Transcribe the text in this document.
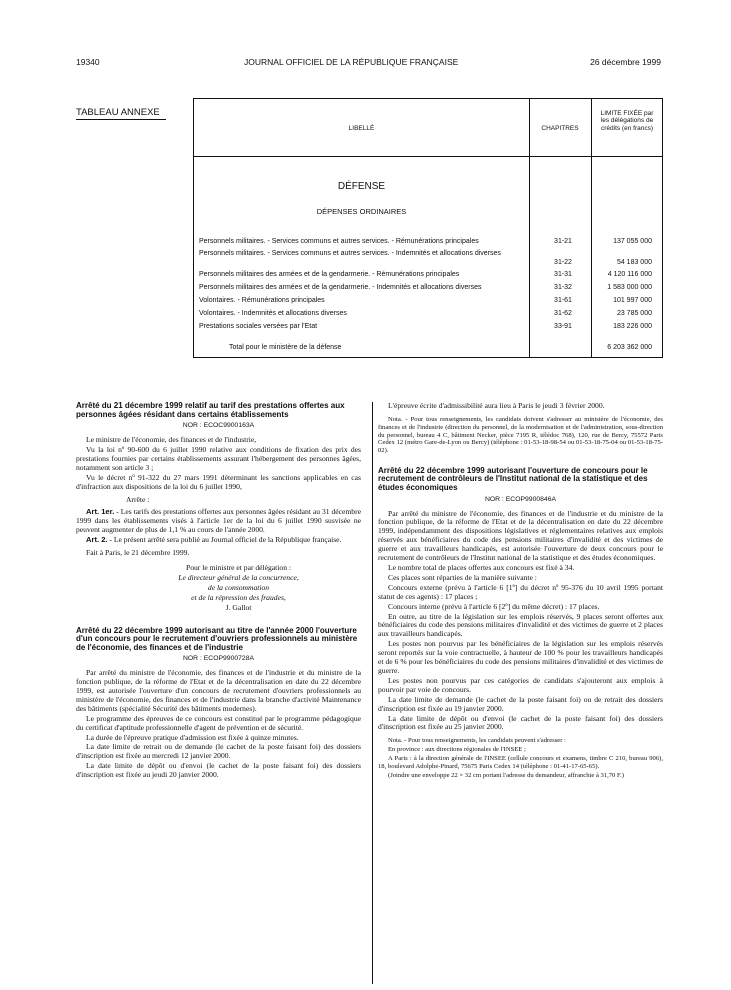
19340	JOURNAL OFFICIEL DE LA RÉPUBLIQUE FRANÇAISE	26 décembre 1999
TABLEAU ANNEXE
LIBELLÉ	CHAPITRES
LIMITE FIXÉE par les délégations de crédits (en francs)
DÉFENSE
DÉPENSES ORDINAIRES
Personnels militaires. - Services communs et autres services. - Rémunérations principales	31-21	137 055 000
Personnels militaires. - Services communs et autres services. - Indemnités et allocations diverses
31-22	54 183 000
Personnels militaires des armées et de la gendarmerie. - Rémunérations principales	31-31	4 120 116 000
Personnels militaires des armées et de la gendarmerie. - Indemnités et allocations diverses	31-32	1 583 000 000
Volontaires. - Rémunérations principales	31-61	101 997 000
Volontaires. - Indemnités et allocations diverses	31-62	23 785 000
Prestations sociales versées par l'Etat	33-91	183 226 000
Total pour le ministère de la défense	6 203 362 000
Arrêté du 21 décembre 1999 relatif au tarif des prestations offertes aux personnes âgées résidant dans certains établissements

NOR : ECOC9900163A

Le ministre de l'économie, des finances et de l'industrie,

Vu la loi nº 90-600 du 6 juillet 1990 relative aux conditions de fixation des prix des prestations fournies par certains établissements assurant l'hébergement des personnes âgées, notamment son article 3 ;

Vu le décret nº 91-322 du 27 mars 1991 déterminant les sanctions applicables en cas d'infraction aux dispositions de la loi du 6 juillet 1990,

Arrête :

Art. 1er. - Les tarifs des prestations offertes aux personnes âgées résidant au 31 décembre 1999 dans les établissements visés à l'article 1er de la loi du 6 juillet 1990 susvisée ne peuvent augmenter de plus de 1,1 % au cours de l'année 2000.

Art. 2. - Le présent arrêté sera publié au Journal officiel de la République française.

Fait à Paris, le 21 décembre 1999.

Pour le ministre et par délégation :

Le directeur général de la concurrence,

de la consommation

et de la répression des fraudes,

J. Gallot

Arrêté du 22 décembre 1999 autorisant au titre de l'année 2000 l'ouverture d'un concours pour le recrutement d'ouvriers professionnels au ministère de l'économie, des finances et de l'industrie

NOR : ECOP9900728A

Par arrêté du ministre de l'économie, des finances et de l'industrie et du ministre de la fonction publique, de la réforme de l'Etat et de la décentralisation en date du 22 décembre 1999, est autorisée l'ouverture d'un concours de recrutement d'ouvriers professionnels au ministère de l'économie, des finances et de l'industrie dans la branche d'activité Maintenance des bâtiments (spécialité Sécurité des bâtiments modernes).

Le programme des épreuves de ce concours est constitué par le programme pédagogique du certificat d'aptitude professionnelle d'agent de prévention et de sécurité.

La durée de l'épreuve pratique d'admission est fixée à quinze minutes.

La date limite de retrait ou de demande (le cachet de la poste faisant foi) des dossiers d'inscription est fixée au mercredi 12 janvier 2000.

La date limite de dépôt ou d'envoi (le cachet de la poste faisant foi) des dossiers d'inscription est fixée au jeudi 20 janvier 2000.

L'épreuve écrite d'admissibilité aura lieu à Paris le jeudi 3 février 2000.

Nota. - Pour tous renseignements, les candidats doivent s'adresser au ministère de l'économie, des finances et de l'industrie (direction du personnel, de la modernisation et de l'administration, sous-direction du personnel, bureau 4 C, bâtiment Necker, pièce 7195 R, télédoc 768), 120, rue de Bercy, 75572 Paris Cedex 12 (métro Gare-de-Lyon ou Bercy) (téléphone : 01-53-18-98-54 ou 01-53-18-75-04 ou 01-53-18-75-02).

Arrêté du 22 décembre 1999 autorisant l'ouverture de concours pour le recrutement de contrôleurs de l'Institut national de la statistique et des études économiques

NOR : ECOP9900846A

Par arrêté du ministre de l'économie, des finances et de l'industrie et du ministre de la fonction publique, de la réforme de l'Etat et de la décentralisation en date du 22 décembre 1999, indépendamment des dispositions législatives et réglementaires relatives aux emplois réservés aux bénéficiaires du code des pensions militaires d'invalidité et des victimes de guerre et aux travailleurs handicapés, est autorisée l'ouverture de deux concours pour le recrutement de contrôleurs de l'Institut national de la statistique et des études économiques.

Le nombre total de places offertes aux concours est fixé à 34.

Ces places sont réparties de la manière suivante :

Concours externe (prévu à l'article 6 [1º] du décret nº 95-376 du 10 avril 1995 portant statut de ces agents) : 17 places ;

Concours interne (prévu à l'article 6 [2º] du même décret) : 17 places.

En outre, au titre de la législation sur les emplois réservés, 9 places seront offertes aux bénéficiaires du code des pensions militaires d'invalidité et des victimes de guerre et 2 places aux travailleurs handicapés.

Les postes non pourvus par les bénéficiaires de la législation sur les emplois réservés seront reportés sur la voie contractuelle, à hauteur de 100 % pour les travailleurs handicapés et de 6 % pour les bénéficiaires du code des pensions militaires d'invalidité et des victimes de guerre.

Les postes non pourvus par ces catégories de candidats s'ajouteront aux emplois à pourvoir par voie de concours.

La date limite de demande (le cachet de la poste faisant foi) ou de retrait des dossiers d'inscription est fixée au 19 janvier 2000.

La date limite de dépôt ou d'envoi (le cachet de la poste faisant foi) des dossiers d'inscription est fixée au 25 janvier 2000.

Nota. - Pour tous renseignements, les candidats peuvent s'adresser :

En province : aux directions régionales de l'INSEE ;

A Paris : à la direction générale de l'INSEE (cellule concours et examens, timbre C 210, bureau 906), 18, boulevard Adolphe-Pinard, 75675 Paris Cedex 14 (téléphone : 01-41-17-65-65).

(Joindre une enveloppe 22 × 32 cm portant l'adresse du demandeur, affranchie à 31,70 F.)
